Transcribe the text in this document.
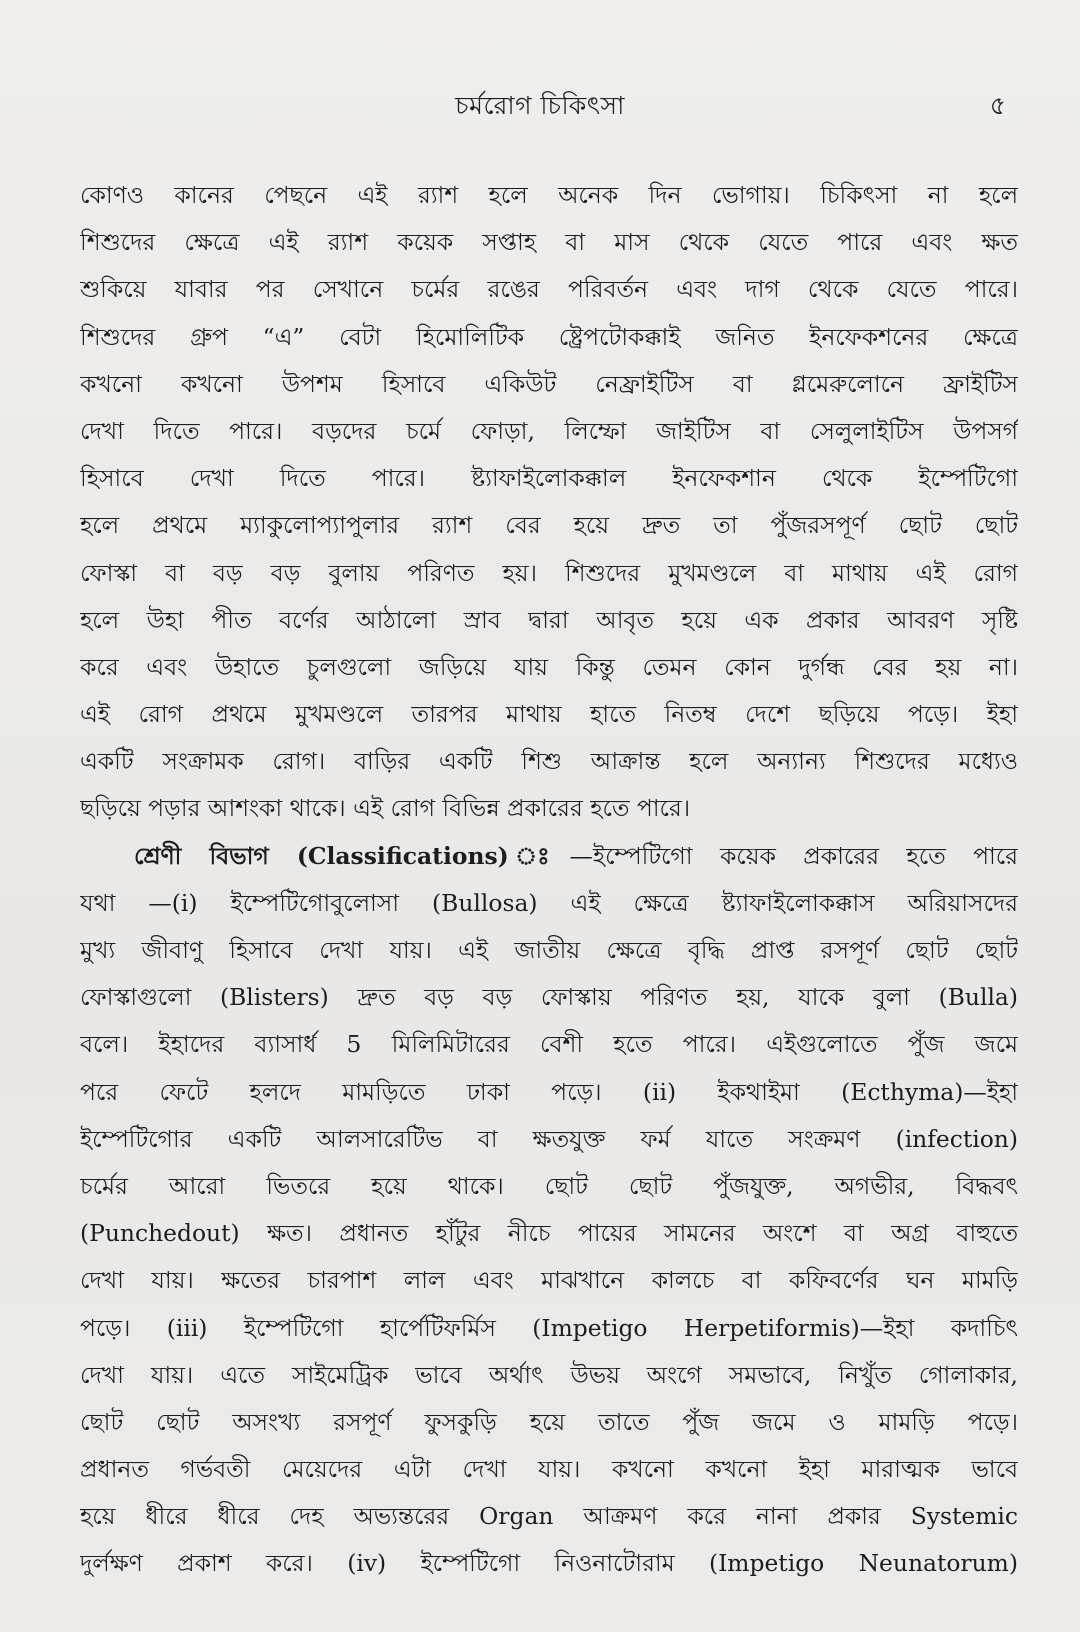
চর্মরোগ চিকিৎসা	৫
কোণও কানের পেছনে এই র‍্যাশ হলে অনেক দিন ভোগায়। চিকিৎসা না হলে
শিশুদের ক্ষেত্রে এই র‍্যাশ কয়েক সপ্তাহ বা মাস থেকে যেতে পারে এবং ক্ষত
শুকিয়ে যাবার পর সেখানে চর্মের রঙের পরিবর্তন এবং দাগ থেকে যেতে পারে।
শিশুদের গ্রুপ “এ” বেটা হিমোলিটিক ষ্ট্রেপটোকক্কাই জনিত ইনফেকশনের ক্ষেত্রে
কখনো কখনো উপশম হিসাবে একিউট নেফ্রাইটিস বা গ্লমেরুলোনে ফ্রাইটিস
দেখা দিতে পারে। বড়দের চর্মে ফোড়া, লিম্ফো জাইটিস বা সেলুলাইটিস উপসর্গ
হিসাবে দেখা দিতে পারে। ষ্ট্যাফাইলোকক্কাল ইনফেকশান থেকে ইম্পেটিগো
হলে প্রথমে ম্যাকুলোপ্যাপুলার র‍্যাশ বের হয়ে দ্রুত তা পুঁজরসপূর্ণ ছোট ছোট
ফোস্কা বা বড় বড় বুলায় পরিণত হয়। শিশুদের মুখমণ্ডলে বা মাথায় এই রোগ
হলে উহা পীত বর্ণের আঠালো স্রাব দ্বারা আবৃত হয়ে এক প্রকার আবরণ সৃষ্টি
করে এবং উহাতে চুলগুলো জড়িয়ে যায় কিন্তু তেমন কোন দুর্গন্ধ বের হয় না।
এই রোগ প্রথমে মুখমণ্ডলে তারপর মাথায় হাতে নিতম্ব দেশে ছড়িয়ে পড়ে। ইহা
একটি সংক্রামক রোগ। বাড়ির একটি শিশু আক্রান্ত হলে অন্যান্য শিশুদের মধ্যেও
ছড়িয়ে পড়ার আশংকা থাকে। এই রোগ বিভিন্ন প্রকারের হতে পারে।
শ্রেণী বিভাগ (Classifications) ঃ—ইম্পেটিগো কয়েক প্রকারের হতে পারে
যথা —(i) ইম্পেটিগোবুলোসা (Bullosa) এই ক্ষেত্রে ষ্ট্যাফাইলোকক্কাস অরিয়াসদের
মুখ্য জীবাণু হিসাবে দেখা যায়। এই জাতীয় ক্ষেত্রে বৃদ্ধি প্রাপ্ত রসপূর্ণ ছোট ছোট
ফোস্কাগুলো (Blisters) দ্রুত বড় বড় ফোস্কায় পরিণত হয়, যাকে বুলা (Bulla)
বলে। ইহাদের ব্যাসার্ধ 5 মিলিমিটারের বেশী হতে পারে। এইগুলোতে পুঁজ জমে
পরে ফেটে হলদে মামড়িতে ঢাকা পড়ে। (ii) ইকথাইমা (Ecthyma)—ইহা
ইম্পেটিগোর একটি আলসারেটিভ বা ক্ষতযুক্ত ফর্ম যাতে সংক্রমণ (infection)
চর্মের আরো ভিতরে হয়ে থাকে। ছোট ছোট পুঁজযুক্ত, অগভীর, বিদ্ধবৎ
(Punchedout) ক্ষত। প্রধানত হাঁটুর নীচে পায়ের সামনের অংশে বা অগ্র বাহুতে
দেখা যায়। ক্ষতের চারপাশ লাল এবং মাঝখানে কালচে বা কফিবর্ণের ঘন মামড়ি
পড়ে। (iii) ইম্পেটিগো হার্পেটিফর্মিস (Impetigo Herpetiformis)—ইহা কদাচিৎ
দেখা যায়। এতে সাইমেট্রিক ভাবে অর্থাৎ উভয় অংগে সমভাবে, নিখুঁত গোলাকার,
ছোট ছোট অসংখ্য রসপূর্ণ ফুসকুড়ি হয়ে তাতে পুঁজ জমে ও মামড়ি পড়ে।
প্রধানত গর্ভবতী মেয়েদের এটা দেখা যায়। কখনো কখনো ইহা মারাত্মক ভাবে
হয়ে ধীরে ধীরে দেহ অভ্যন্তরের Organ আক্রমণ করে নানা প্রকার Systemic
দুর্লক্ষণ প্রকাশ করে। (iv) ইম্পেটিগো নিওনাটোরাম (Impetigo Neunatorum)
